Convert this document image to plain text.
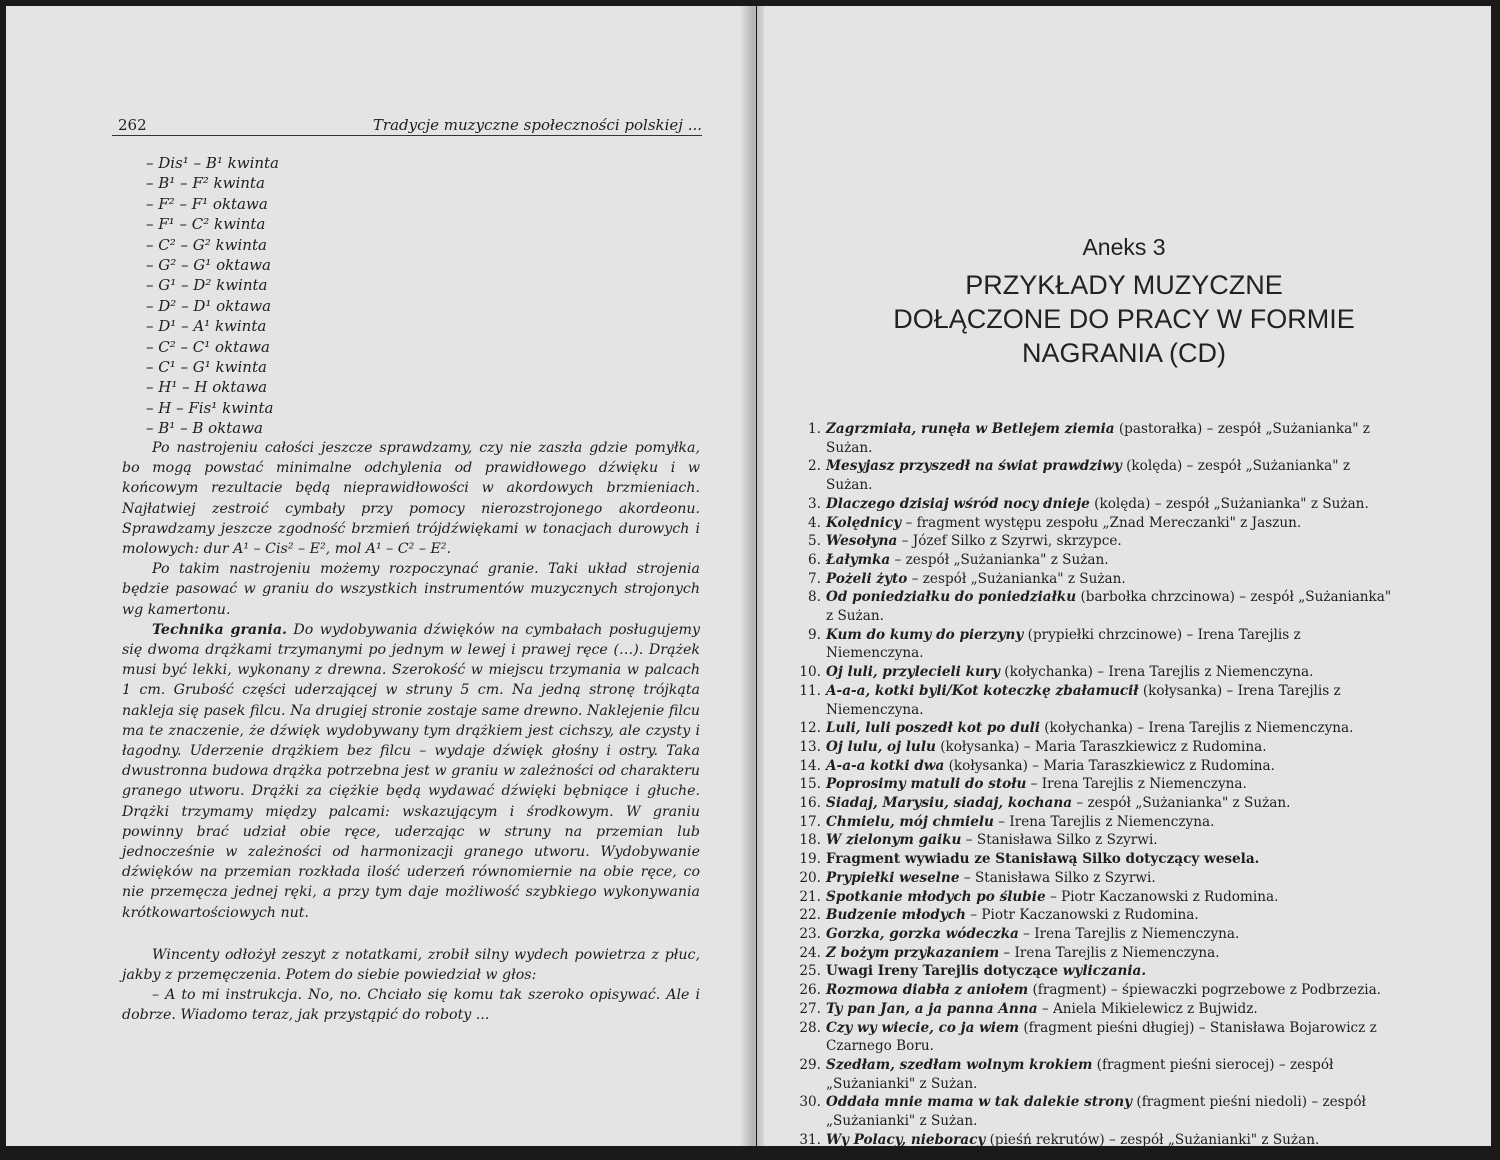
262	Tradycje muzyczne społeczności polskiej ...
– Dis¹ – B¹ kwinta
– B¹ – F² kwinta
– F² – F¹ oktawa
– F¹ – C² kwinta
– C² – G² kwinta
– G² – G¹ oktawa
– G¹ – D² kwinta
– D² – D¹ oktawa
– D¹ – A¹ kwinta
– C² – C¹ oktawa
– C¹ – G¹ kwinta
– H¹ – H oktawa
– H – Fis¹ kwinta
– B¹ – B oktawa

Po nastrojeniu całości jeszcze sprawdzamy, czy nie zaszła gdzie pomyłka, bo mogą powstać minimalne odchylenia od prawidłowego dźwięku i w końcowym rezultacie będą nieprawidłowości w akordowych brzmieniach. Najłatwiej zestroić cymbały przy pomocy nierozstrojonego akordeonu. Sprawdzamy jeszcze zgodność brzmień trójdźwiękami w tonacjach durowych i molowych: dur A¹ – Cis² – E², mol A¹ – C² – E².

Po takim nastrojeniu możemy rozpoczynać granie. Taki układ strojenia będzie pasować w graniu do wszystkich instrumentów muzycznych strojonych wg kamertonu.

Technika grania. Do wydobywania dźwięków na cymbałach posługujemy się dwoma drążkami trzymanymi po jednym w lewej i prawej ręce (…). Drążek musi być lekki, wykonany z drewna. Szerokość w miejscu trzymania w palcach 1 cm. Grubość części uderzającej w struny 5 cm. Na jedną stronę trójkąta nakleja się pasek filcu. Na drugiej stronie zostaje same drewno. Naklejenie filcu ma te znaczenie, że dźwięk wydobywany tym drążkiem jest cichszy, ale czysty i łagodny. Uderzenie drążkiem bez filcu – wydaje dźwięk głośny i ostry. Taka dwustronna budowa drążka potrzebna jest w graniu w zależności od charakteru granego utworu. Drążki za ciężkie będą wydawać dźwięki bębniące i głuche. Drążki trzymamy między palcami: wskazującym i środkowym. W graniu powinny brać udział obie ręce, uderzając w struny na przemian lub jednocześnie w zależności od harmonizacji granego utworu. Wydobywanie dźwięków na przemian rozkłada ilość uderzeń równomiernie na obie ręce, co nie przemęcza jednej ręki, a przy tym daje możliwość szybkiego wykonywania krótkowartościowych nut.

Wincenty odłożył zeszyt z notatkami, zrobił silny wydech powietrza z płuc, jakby z przemęczenia. Potem do siebie powiedział w głos:

– A to mi instrukcja. No, no. Chciało się komu tak szeroko opisywać. Ale i dobrze. Wiadomo teraz, jak przystąpić do roboty ...

Aneks 3
PRZYKŁADY MUZYCZNE
DOŁĄCZONE DO PRACY W FORMIE
NAGRANIA (CD)
1. Zagrzmiała, runęła w Betlejem ziemia (pastorałka) – zespół „Sużanianka" z Sużan.
2. Mesyjasz przyszedł na świat prawdziwy (kolęda) – zespół „Sużanianka" z Sużan.
3. Dlaczego dzisiaj wśród nocy dnieje (kolęda) – zespół „Sużanianka" z Sużan.
4. Kolędnicy – fragment występu zespołu „Znad Mereczanki" z Jaszun.
5. Wesołyna – Józef Silko z Szyrwi, skrzypce.
6. Łałymka – zespół „Sużanianka" z Sużan.
7. Pożeli żyto – zespół „Sużanianka" z Sużan.
8. Od poniedziałku do poniedziałku (barbołka chrzcinowa) – zespół „Sużanianka" z Sużan.
9. Kum do kumy do pierzyny (prypiełki chrzcinowe) – Irena Tarejlis z Niemenczyna.
10. Oj luli, przylecieli kury (kołychanka) – Irena Tarejlis z Niemenczyna.
11. A-a-a, kotki byli/Kot koteczkę zbałamucił (kołysanka) – Irena Tarejlis z Niemenczyna.
12. Luli, luli poszedł kot po duli (kołychanka) – Irena Tarejlis z Niemenczyna.
13. Oj lulu, oj lulu (kołysanka) – Maria Taraszkiewicz z Rudomina.
14. A-a-a kotki dwa (kołysanka) – Maria Taraszkiewicz z Rudomina.
15. Poprosimy matuli do stołu – Irena Tarejlis z Niemenczyna.
16. Siadaj, Marysiu, siadaj, kochana – zespół „Sużanianka" z Sużan.
17. Chmielu, mój chmielu – Irena Tarejlis z Niemenczyna.
18. W zielonym gaiku – Stanisława Silko z Szyrwi.
19. Fragment wywiadu ze Stanisławą Silko dotyczący wesela.
20. Prypiełki weselne – Stanisława Silko z Szyrwi.
21. Spotkanie młodych po ślubie – Piotr Kaczanowski z Rudomina.
22. Budzenie młodych – Piotr Kaczanowski z Rudomina.
23. Gorzka, gorzka wódeczka – Irena Tarejlis z Niemenczyna.
24. Z bożym przykazaniem – Irena Tarejlis z Niemenczyna.
25. Uwagi Ireny Tarejlis dotyczące wyliczania.
26. Rozmowa diabła z aniołem (fragment) – śpiewaczki pogrzebowe z Podbrzezia.
27. Ty pan Jan, a ja panna Anna – Aniela Mikielewicz z Bujwidz.
28. Czy wy wiecie, co ja wiem (fragment pieśni długiej) – Stanisława Bojarowicz z Czarnego Boru.
29. Szedłam, szedłam wolnym krokiem (fragment pieśni sierocej) – zespół „Sużanianki" z Sużan.
30. Oddała mnie mama w tak dalekie strony (fragment pieśni niedoli) – zespół „Sużanianki" z Sużan.
31. Wy Polacy, nieboracy (pieśń rekrutów) – zespół „Sużanianki" z Sużan.
